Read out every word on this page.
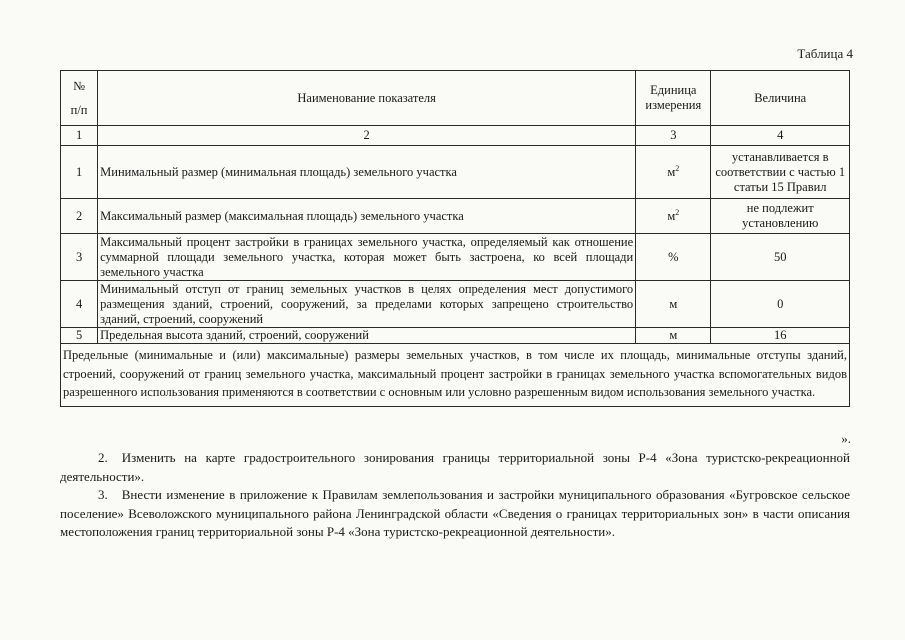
Таблица 4
№
п/п	Наименование показателя	Единица измерения	Величина
1	2	3	4
1	Минимальный размер (минимальная площадь) земельного участка	$м^2$	устанавливается в соответствии с частью 1 статьи 15 Правил
2	Максимальный размер (максимальная площадь) земельного участка	$м^2$	не подлежит установлению
3	Максимальный процент застройки в границах земельного участка, определяемый как отношение суммарной площади земельного участка, которая может быть застроена, ко всей площади земельного участка	%	50
4	Минимальный отступ от границ земельных участков в целях определения мест допустимого размещения зданий, строений, сооружений, за пределами которых запрещено строительство зданий, строений, сооружений	м	0
5	Предельная высота зданий, строений, сооружений	м	16
Предельные (минимальные и (или) максимальные) размеры земельных участков, в том числе их площадь, минимальные отступы зданий, строений, сооружений от границ земельного участка, максимальный процент застройки в границах земельного участка вспомогательных видов разрешенного использования применяются в соответствии с основным или условно разрешенным видом использования земельного участка.			
».

2. Изменить на карте градостроительного зонирования границы территориальной зоны Р-4 «Зона туристско-рекреационной деятельности».

3. Внести изменение в приложение к Правилам землепользования и застройки муниципального образования «Бугровское сельское поселение» Всеволожского муниципального района Ленинградской области «Сведения о границах территориальных зон» в части описания местоположения границ территориальной зоны Р-4 «Зона туристско-рекреационной деятельности».
